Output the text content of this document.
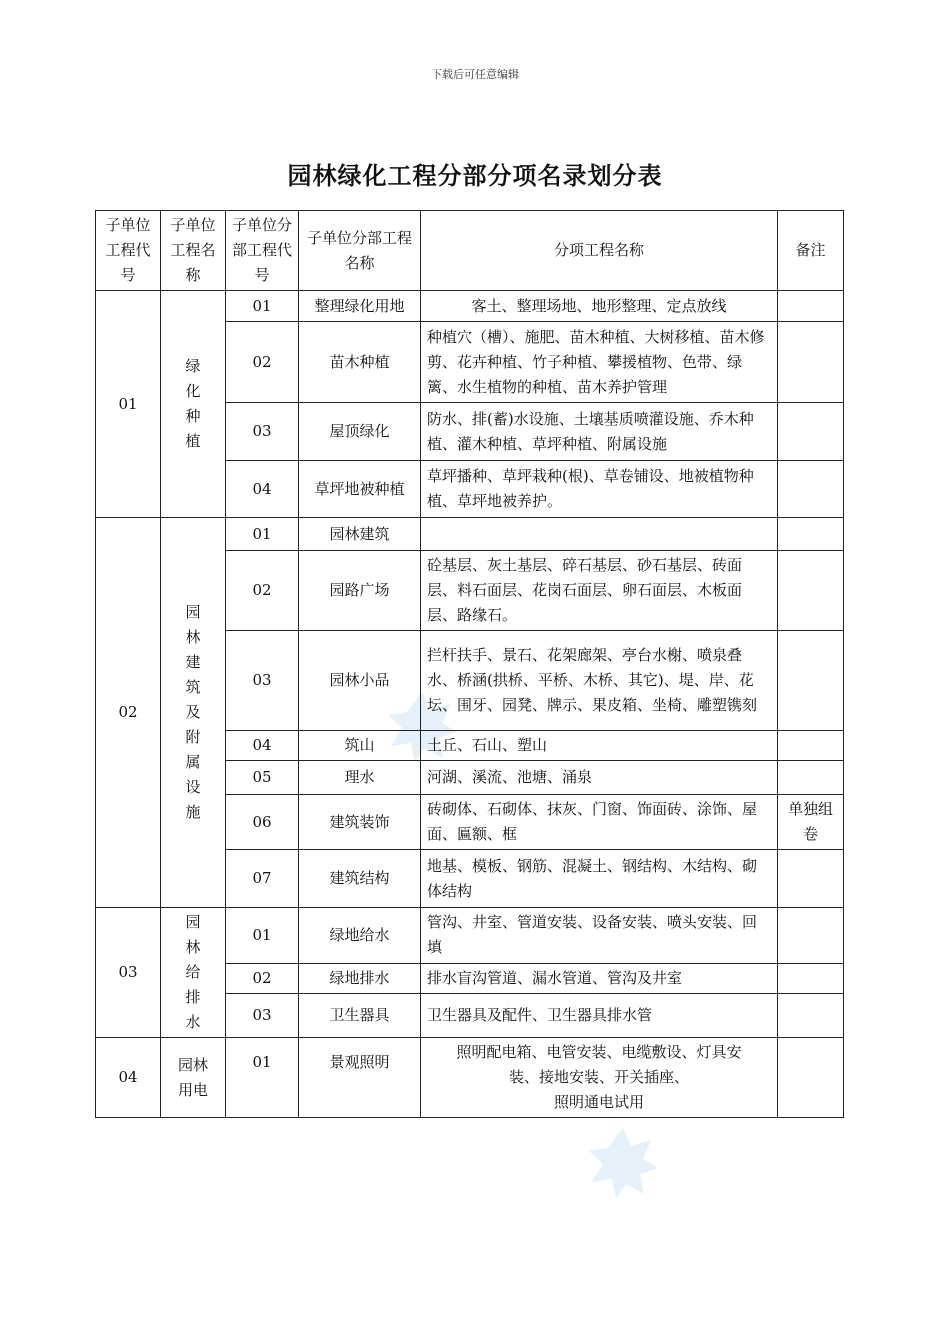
下载后可任意编辑
园林绿化工程分部分项名录划分表
子单位工程代号	子单位工程名称	子单位分部工程代号	子单位分部工程名称	分项工程名称	备注
01	绿化种植	01	整理绿化用地	客土、整理场地、地形整理、定点放线	
		02	苗木种植	种植穴（槽）、施肥、苗木种植、大树移植、苗木修剪、花卉种植、竹子种植、攀援植物、色带、绿篱、水生植物的种植、苗木养护管理	
		03	屋顶绿化	防水、排(蓄)水设施、土壤基质喷灌设施、乔木种植、灌木种植、草坪种植、附属设施	
		04	草坪地被种植	草坪播种、草坪栽种(根)、草卷铺设、地被植物种植、草坪地被养护。	
02	园林建筑及附属设施	01	园林建筑		
		02	园路广场	砼基层、灰土基层、碎石基层、砂石基层、砖面层、料石面层、花岗石面层、卵石面层、木板面层、路缘石。	
		03	园林小品	拦杆扶手、景石、花架廊架、亭台水榭、喷泉叠水、桥涵(拱桥、平桥、木桥、其它)、堤、岸、花坛、围牙、园凳、牌示、果皮箱、坐椅、雕塑镌刻	
		04	筑山	土丘、石山、塑山	
		05	理水	河湖、溪流、池塘、涌泉	
		06	建筑装饰	砖砌体、石砌体、抹灰、门窗、饰面砖、涂饰、屋面、匾额、框	单独组卷
		07	建筑结构	地基、模板、钢筋、混凝土、钢结构、木结构、砌体结构	
03	园林给排水	01	绿地给水	管沟、井室、管道安装、设备安装、喷头安装、回填	
		02	绿地排水	排水盲沟管道、漏水管道、管沟及井室	
		03	卫生器具	卫生器具及配件、卫生器具排水管	
04	园林用电	01	景观照明	照明配电箱、电管安装、电缆敷设、灯具安
装、接地安装、开关插座、
照明通电试用	
